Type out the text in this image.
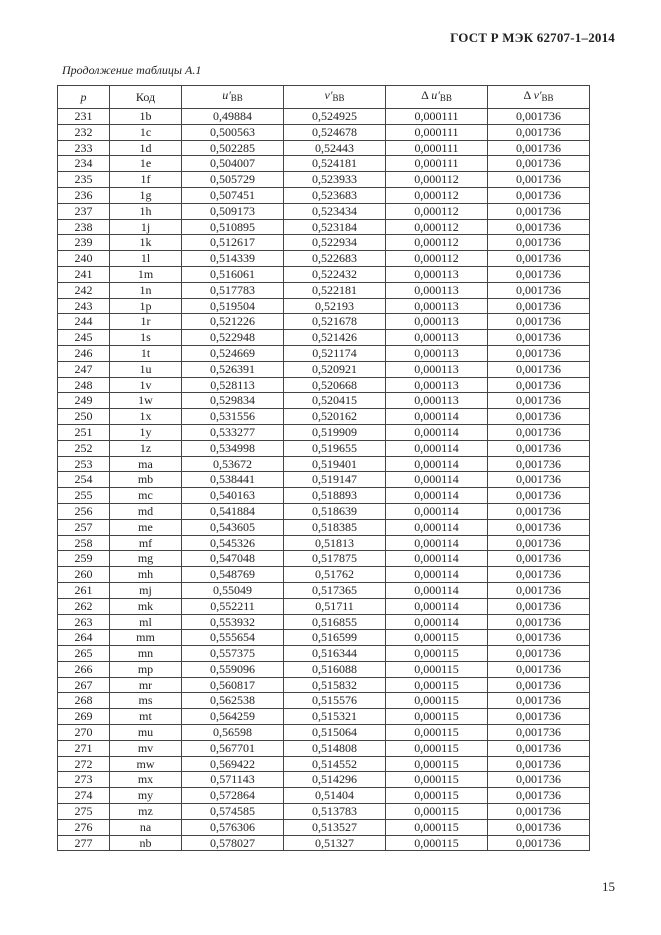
ГОСТ Р МЭК 62707-1–2014
Продолжение таблицы А.1
p	Код	$u'_{BB}$	$v'_{BB}$	Δ $u'_{BB}$	Δ $v'_{BB}$
231	1b	0,49884	0,524925	0,000111	0,001736
232	1c	0,500563	0,524678	0,000111	0,001736
233	1d	0,502285	0,52443	0,000111	0,001736
234	1e	0,504007	0,524181	0,000111	0,001736
235	1f	0,505729	0,523933	0,000112	0,001736
236	1g	0,507451	0,523683	0,000112	0,001736
237	1h	0,509173	0,523434	0,000112	0,001736
238	1j	0,510895	0,523184	0,000112	0,001736
239	1k	0,512617	0,522934	0,000112	0,001736
240	1l	0,514339	0,522683	0,000112	0,001736
241	1m	0,516061	0,522432	0,000113	0,001736
242	1n	0,517783	0,522181	0,000113	0,001736
243	1p	0,519504	0,52193	0,000113	0,001736
244	1r	0,521226	0,521678	0,000113	0,001736
245	1s	0,522948	0,521426	0,000113	0,001736
246	1t	0,524669	0,521174	0,000113	0,001736
247	1u	0,526391	0,520921	0,000113	0,001736
248	1v	0,528113	0,520668	0,000113	0,001736
249	1w	0,529834	0,520415	0,000113	0,001736
250	1x	0,531556	0,520162	0,000114	0,001736
251	1y	0,533277	0,519909	0,000114	0,001736
252	1z	0,534998	0,519655	0,000114	0,001736
253	ma	0,53672	0,519401	0,000114	0,001736
254	mb	0,538441	0,519147	0,000114	0,001736
255	mc	0,540163	0,518893	0,000114	0,001736
256	md	0,541884	0,518639	0,000114	0,001736
257	me	0,543605	0,518385	0,000114	0,001736
258	mf	0,545326	0,51813	0,000114	0,001736
259	mg	0,547048	0,517875	0,000114	0,001736
260	mh	0,548769	0,51762	0,000114	0,001736
261	mj	0,55049	0,517365	0,000114	0,001736
262	mk	0,552211	0,51711	0,000114	0,001736
263	ml	0,553932	0,516855	0,000114	0,001736
264	mm	0,555654	0,516599	0,000115	0,001736
265	mn	0,557375	0,516344	0,000115	0,001736
266	mp	0,559096	0,516088	0,000115	0,001736
267	mr	0,560817	0,515832	0,000115	0,001736
268	ms	0,562538	0,515576	0,000115	0,001736
269	mt	0,564259	0,515321	0,000115	0,001736
270	mu	0,56598	0,515064	0,000115	0,001736
271	mv	0,567701	0,514808	0,000115	0,001736
272	mw	0,569422	0,514552	0,000115	0,001736
273	mx	0,571143	0,514296	0,000115	0,001736
274	my	0,572864	0,51404	0,000115	0,001736
275	mz	0,574585	0,513783	0,000115	0,001736
276	na	0,576306	0,513527	0,000115	0,001736
277	nb	0,578027	0,51327	0,000115	0,001736
15
